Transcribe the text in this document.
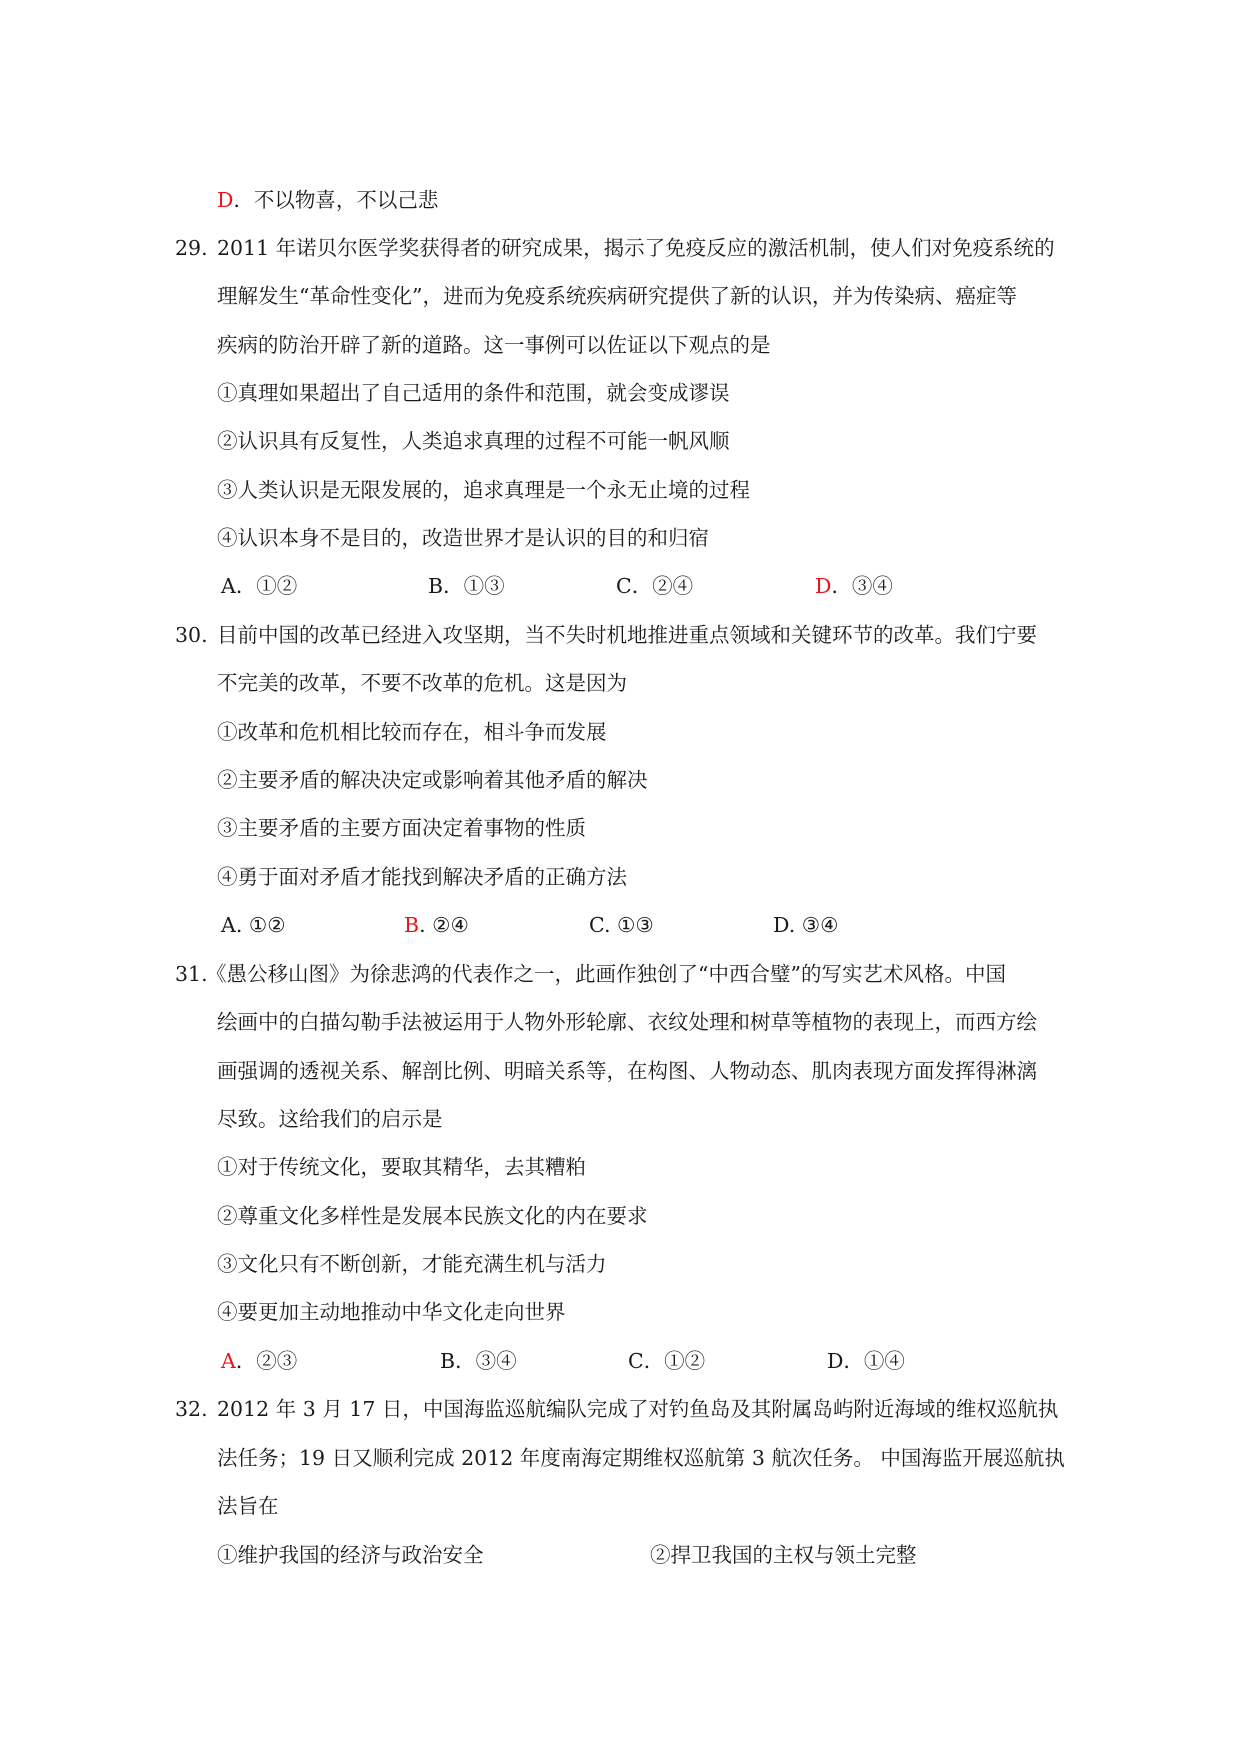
D．不以物喜，不以己悲
29. 2011 年诺贝尔医学奖获得者的研究成果，揭示了免疫反应的激活机制，使人们对免疫系统的
理解发生“革命性变化”，进而为免疫系统疾病研究提供了新的认识，并为传染病、癌症等
疾病的防治开辟了新的道路。这一事例可以佐证以下观点的是
①真理如果超出了自己适用的条件和范围，就会变成谬误
②认识具有反复性，人类追求真理的过程不可能一帆风顺
③人类认识是无限发展的，追求真理是一个永无止境的过程
④认识本身不是目的，改造世界才是认识的目的和归宿
A．①②	B．①③	C．②④	D．③④
30. 目前中国的改革已经进入攻坚期，当不失时机地推进重点领域和关键环节的改革。我们宁要
不完美的改革，不要不改革的危机。这是因为
①改革和危机相比较而存在，相斗争而发展
②主要矛盾的解决决定或影响着其他矛盾的解决
③主要矛盾的主要方面决定着事物的性质
④勇于面对矛盾才能找到解决矛盾的正确方法
A. ①②	B. ②④	C. ①③	D. ③④
31.
《愚公移山图》为徐悲鸿的代表作之一，此画作独创了“中西合璧”的写实艺术风格。中国
绘画中的白描勾勒手法被运用于人物外形轮廓、衣纹处理和树草等植物的表现上，而西方绘
画强调的透视关系、解剖比例、明暗关系等，在构图、人物动态、肌肉表现方面发挥得淋漓
尽致。这给我们的启示是
①对于传统文化，要取其精华，去其糟粕
②尊重文化多样性是发展本民族文化的内在要求
③文化只有不断创新，才能充满生机与活力
④要更加主动地推动中华文化走向世界
A．②③	B．③④	C．①②	D．①④
32. 2012 年 3 月 17 日，中国海监巡航编队完成了对钓鱼岛及其附属岛屿附近海域的维权巡航执
法任务；19 日又顺利完成 2012 年度南海定期维权巡航第 3 航次任务。 中国海监开展巡航执
法旨在
①维护我国的经济与政治安全	②捍卫我国的主权与领土完整
